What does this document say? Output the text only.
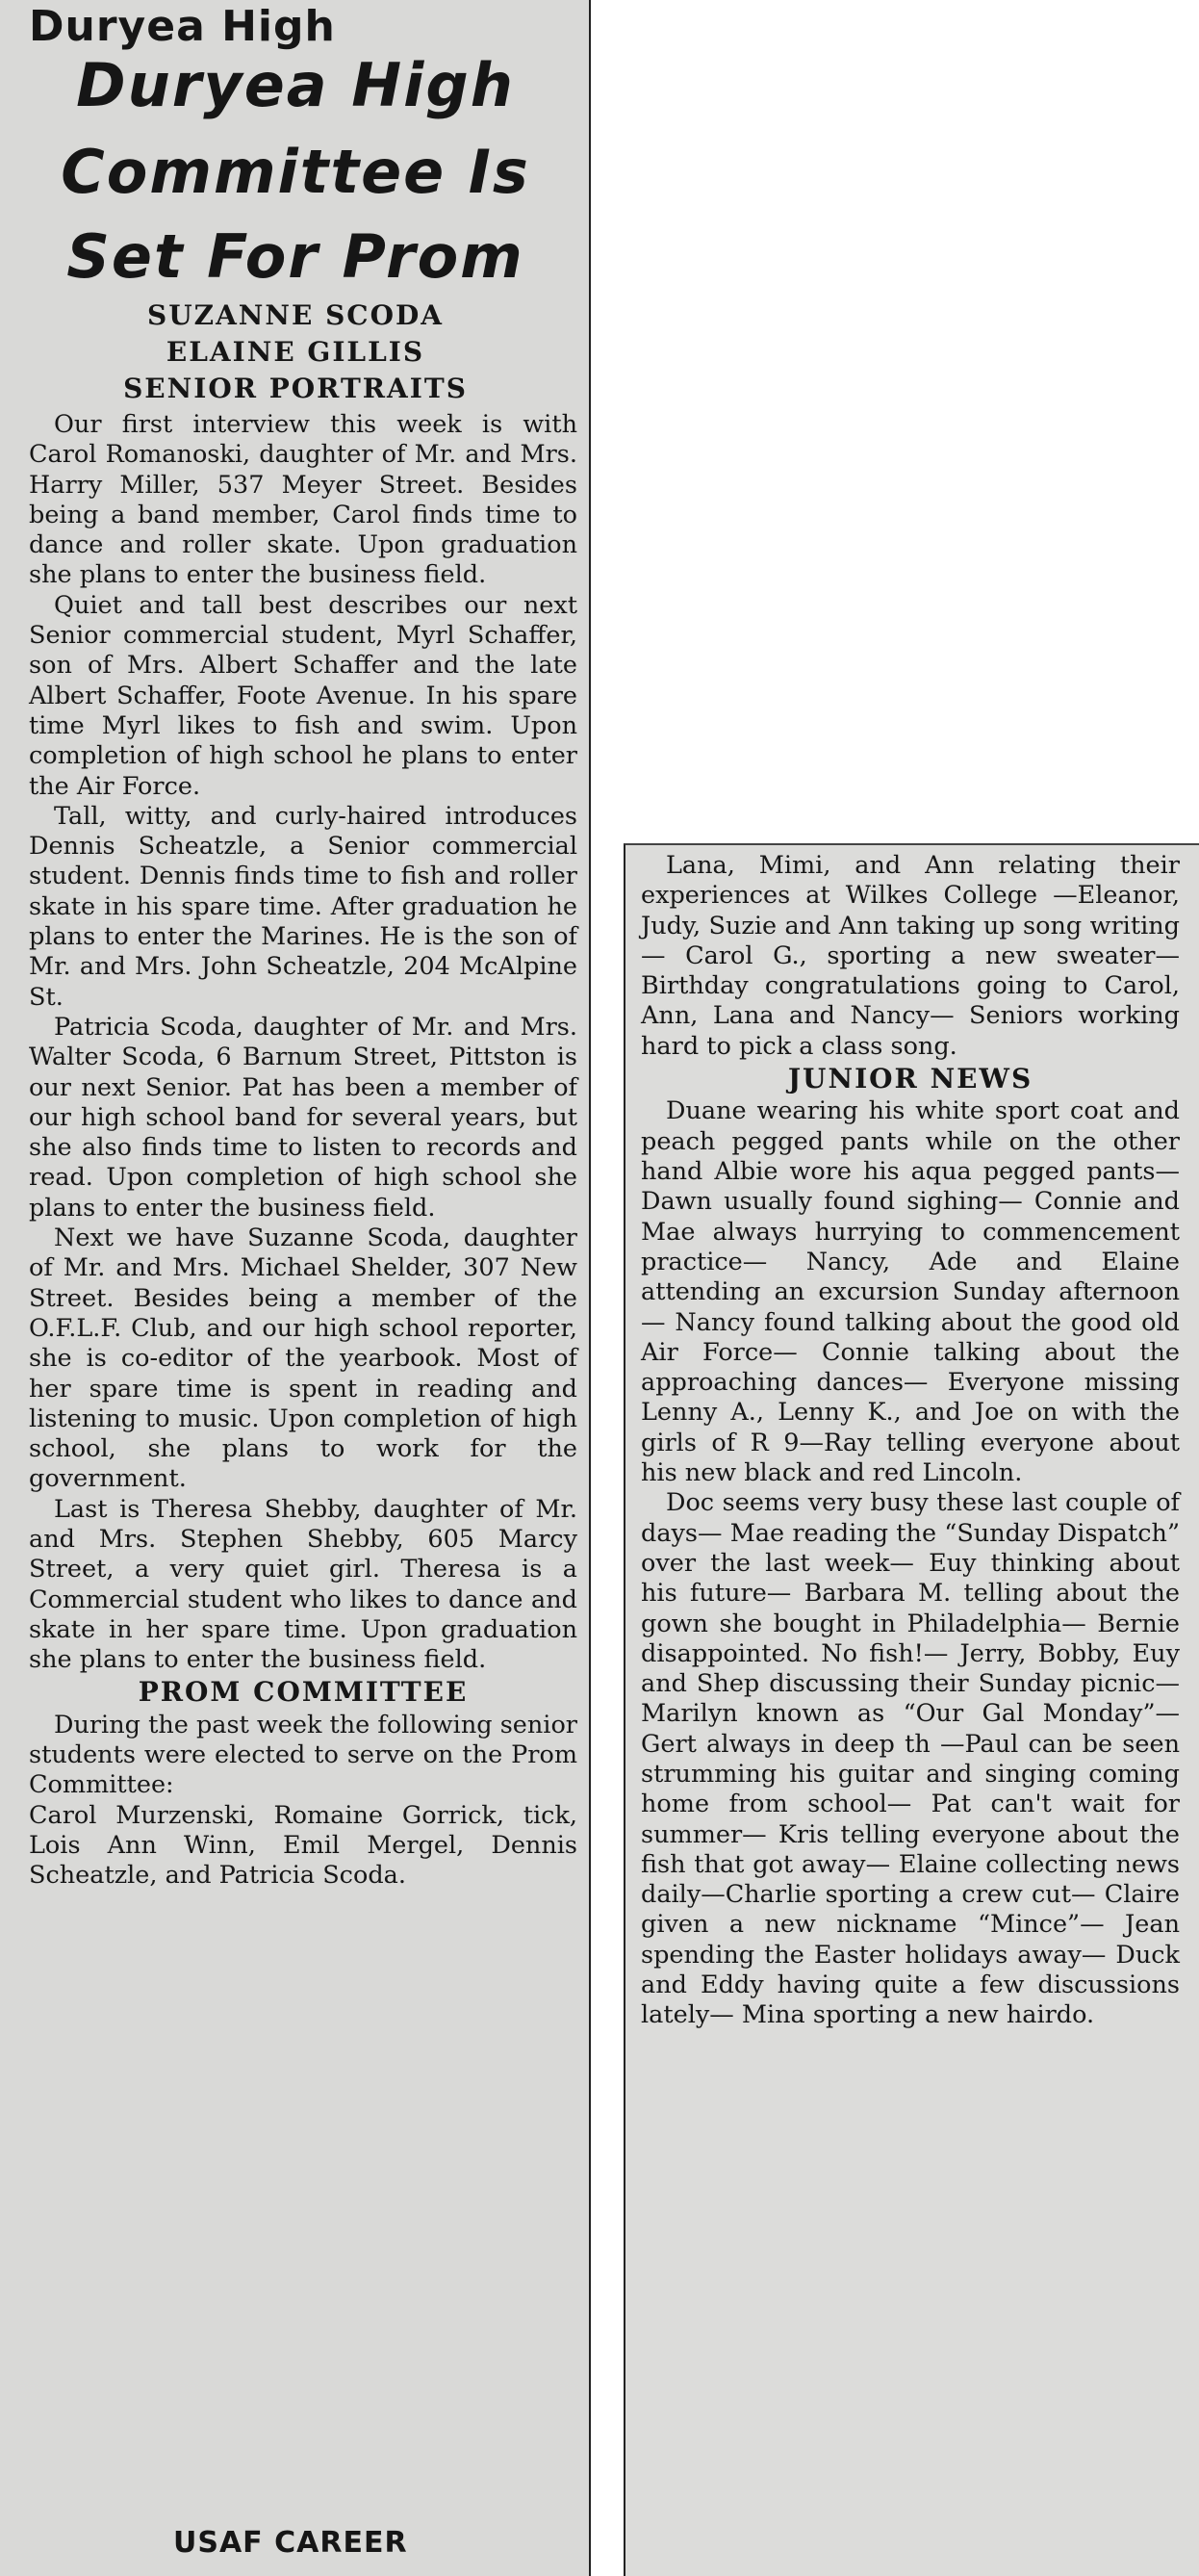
Duryea High
Duryea High
Committee Is
Set For Prom
SUZANNE SCODA
ELAINE GILLIS
SENIOR PORTRAITS

Our first interview this week is with Carol Romanoski, daughter of Mr. and Mrs. Harry Miller, 537 Meyer Street. Besides being a band member, Carol finds time to dance and roller skate. Upon graduation she plans to enter the business field.

Quiet and tall best describes our next Senior commercial student, Myrl Schaffer, son of Mrs. Albert Schaffer and the late Albert Schaffer, Foote Avenue. In his spare time Myrl likes to fish and swim. Upon completion of high school he plans to enter the Air Force.

Tall, witty, and curly-haired introduces Dennis Scheatzle, a Senior commercial student. Dennis finds time to fish and roller skate in his spare time. After graduation he plans to enter the Marines. He is the son of Mr. and Mrs. John Scheatzle, 204 McAlpine St.

Patricia Scoda, daughter of Mr. and Mrs. Walter Scoda, 6 Barnum Street, Pittston is our next Senior. Pat has been a member of our high school band for several years, but she also finds time to listen to records and read. Upon completion of high school she plans to enter the business field.

Next we have Suzanne Scoda, daughter of Mr. and Mrs. Michael Shelder, 307 New Street. Besides being a member of the O.F.L.F. Club, and our high school reporter, she is co-editor of the yearbook. Most of her spare time is spent in reading and listening to music. Upon completion of high school, she plans to work for the government.

Last is Theresa Shebby, daughter of Mr. and Mrs. Stephen Shebby, 605 Marcy Street, a very quiet girl. Theresa is a Commercial student who likes to dance and skate in her spare time. Upon graduation she plans to enter the business field.

PROM COMMITTEE

During the past week the following senior students were elected to serve on the Prom Committee:

Carol Murzenski, Romaine Gorrick, tick, Lois Ann Winn, Emil Mergel, Dennis Scheatzle, and Patricia Scoda.

USAF CAREER

Lana, Mimi, and Ann relating their experiences at Wilkes College —Eleanor, Judy, Suzie and Ann taking up song writing— Carol G., sporting a new sweater— Birthday congratulations going to Carol, Ann, Lana and Nancy— Seniors working hard to pick a class song.

JUNIOR NEWS

Duane wearing his white sport coat and peach pegged pants while on the other hand Albie wore his aqua pegged pants— Dawn usually found sighing— Connie and Mae always hurrying to commencement practice— Nancy, Ade and Elaine attending an excursion Sunday afternoon— Nancy found talking about the good old Air Force— Connie talking about the approaching dances— Everyone missing Lenny A., Lenny K., and Joe on with the girls of R 9—Ray telling everyone about his new black and red Lincoln.

Doc seems very busy these last couple of days— Mae reading the “Sunday Dispatch” over the last week— Euy thinking about his future— Barbara M. telling about the gown she bought in Philadelphia— Bernie disappointed. No fish!— Jerry, Bobby, Euy and Shep discussing their Sunday picnic— Marilyn known as “Our Gal Monday”— Gert always in deep th —Paul can be seen strumming his guitar and singing coming home from school— Pat can't wait for summer— Kris telling everyone about the fish that got away— Elaine collecting news daily—Charlie sporting a crew cut— Claire given a new nickname “Mince”— Jean spending the Easter holidays away— Duck and Eddy having quite a few discussions lately— Mina sporting a new hairdo.
